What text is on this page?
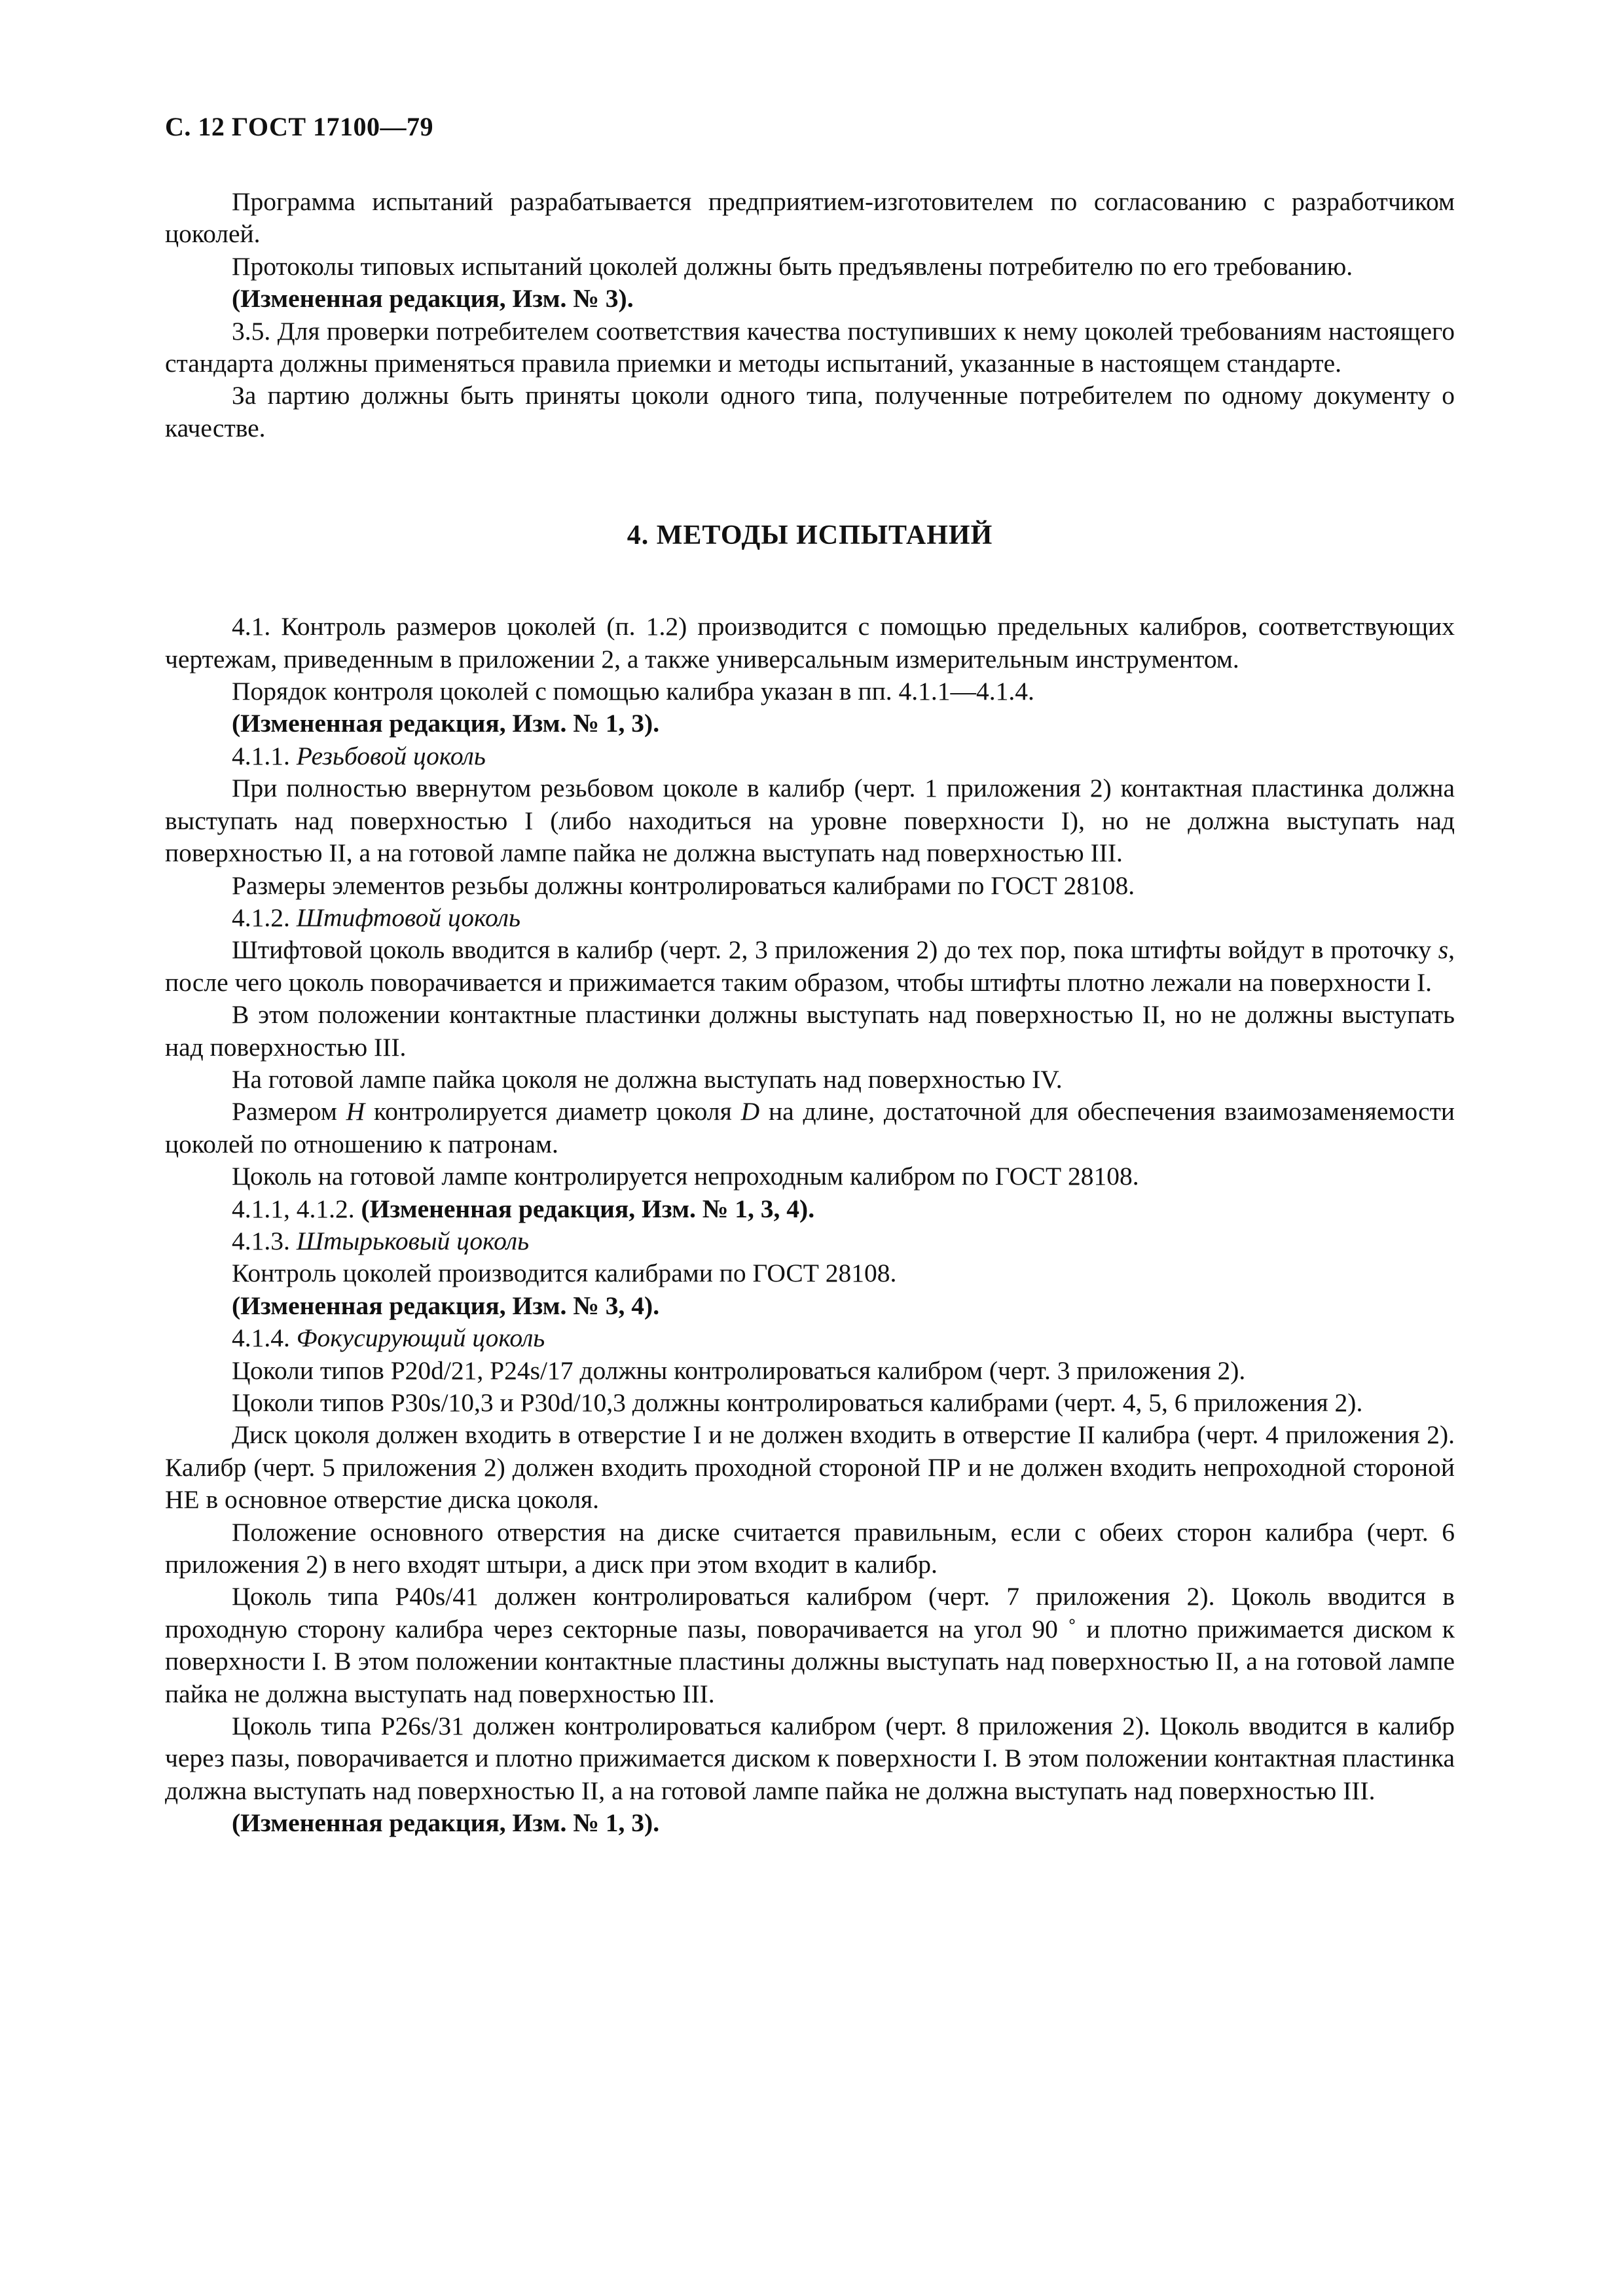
С. 12 ГОСТ 17100—79

Программа испытаний разрабатывается предприятием-изготовителем по согласованию с разработчиком цоколей.

Протоколы типовых испытаний цоколей должны быть предъявлены потребителю по его требованию.

(Измененная редакция, Изм. № 3).

3.5. Для проверки потребителем соответствия качества поступивших к нему цоколей требованиям настоящего стандарта должны применяться правила приемки и методы испытаний, указанные в настоящем стандарте.

За партию должны быть приняты цоколи одного типа, полученные потребителем по одному документу о качестве.

4. МЕТОДЫ ИСПЫТАНИЙ

4.1. Контроль размеров цоколей (п. 1.2) производится с помощью предельных калибров, соответствующих чертежам, приведенным в приложении 2, а также универсальным измерительным инструментом.

Порядок контроля цоколей с помощью калибра указан в пп. 4.1.1—4.1.4.

(Измененная редакция, Изм. № 1, 3).

4.1.1. Резьбовой цоколь

При полностью ввернутом резьбовом цоколе в калибр (черт. 1 приложения 2) контактная пластинка должна выступать над поверхностью I (либо находиться на уровне поверхности I), но не должна выступать над поверхностью II, а на готовой лампе пайка не должна выступать над поверхностью III.

Размеры элементов резьбы должны контролироваться калибрами по ГОСТ 28108.

4.1.2. Штифтовой цоколь

Штифтовой цоколь вводится в калибр (черт. 2, 3 приложения 2) до тех пор, пока штифты войдут в проточку s, после чего цоколь поворачивается и прижимается таким образом, чтобы штифты плотно лежали на поверхности I.

В этом положении контактные пластинки должны выступать над поверхностью II, но не должны выступать над поверхностью III.

На готовой лампе пайка цоколя не должна выступать над поверхностью IV.

Размером H контролируется диаметр цоколя D на длине, достаточной для обеспечения взаимозаменяемости цоколей по отношению к патронам.

Цоколь на готовой лампе контролируется непроходным калибром по ГОСТ 28108.

4.1.1, 4.1.2. (Измененная редакция, Изм. № 1, 3, 4).

4.1.3. Штырьковый цоколь

Контроль цоколей производится калибрами по ГОСТ 28108.

(Измененная редакция, Изм. № 3, 4).

4.1.4. Фокусирующий цоколь

Цоколи типов P20d/21, P24s/17 должны контролироваться калибром (черт. 3 приложения 2).

Цоколи типов P30s/10,3 и P30d/10,3 должны контролироваться калибрами (черт. 4, 5, 6 приложения 2).

Диск цоколя должен входить в отверстие I и не должен входить в отверстие II калибра (черт. 4 приложения 2). Калибр (черт. 5 приложения 2) должен входить проходной стороной ПР и не должен входить непроходной стороной НЕ в основное отверстие диска цоколя.

Положение основного отверстия на диске считается правильным, если с обеих сторон калибра (черт. 6 приложения 2) в него входят штыри, а диск при этом входит в калибр.

Цоколь типа P40s/41 должен контролироваться калибром (черт. 7 приложения 2). Цоколь вводится в проходную сторону калибра через секторные пазы, поворачивается на угол 90 ˚ и плотно прижимается диском к поверхности I. В этом положении контактные пластины должны выступать над поверхностью II, а на готовой лампе пайка не должна выступать над поверхностью III.

Цоколь типа P26s/31 должен контролироваться калибром (черт. 8 приложения 2). Цоколь вводится в калибр через пазы, поворачивается и плотно прижимается диском к поверхности I. В этом положении контактная пластинка должна выступать над поверхностью II, а на готовой лампе пайка не должна выступать над поверхностью III.

(Измененная редакция, Изм. № 1, 3).
